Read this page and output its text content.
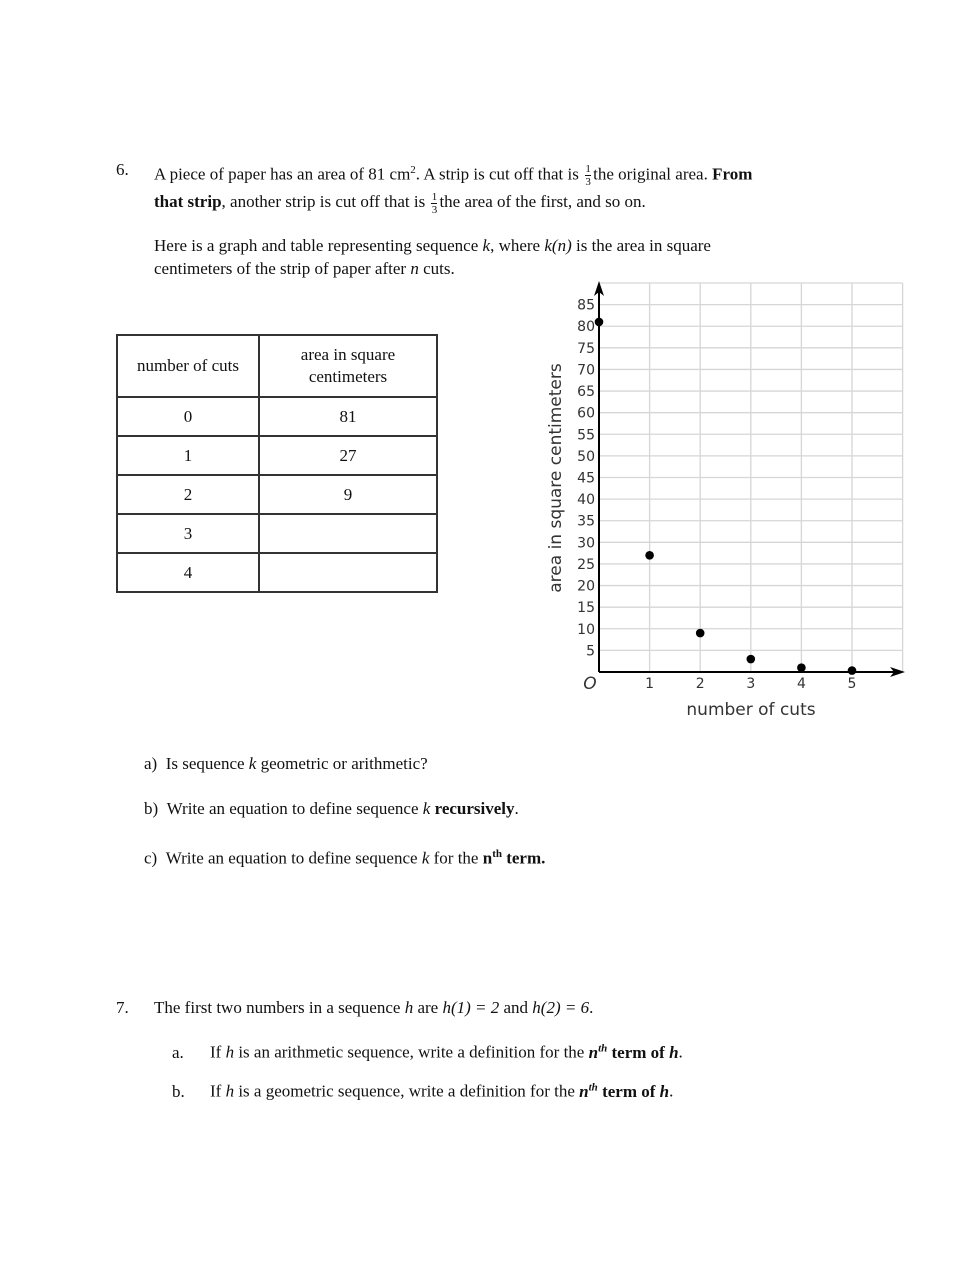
6. A piece of paper has an area of 81 $cm^2$. A strip is cut off that is $\frac{1}{3}$ the original area. From
that strip, another strip is cut off that is $\frac{1}{3}$ the area of the first, and so on.
Here is a graph and table representing sequence k, where k(n) is the area in square
centimeters of the strip of paper after n cuts.
number of cuts	area in square centimeters
0	81
1	27
2	9
3	
4	
5
10
15
20
25
30
35
40
45
50
55
60
65
70
75
80
85
1	2	3	4	5
O
number of cuts
area in square centimeters
a) Is sequence k geometric or arithmetic?
b) Write an equation to define sequence k recursively.
c) Write an equation to define sequence k for the $n^{th}$ term.
7. The first two numbers in a sequence h are h(1) = 2 and h(2) = 6.
a. If h is an arithmetic sequence, write a definition for the $n^{th}$ term of h.
b. If h is a geometric sequence, write a definition for the $n^{th}$ term of h.
